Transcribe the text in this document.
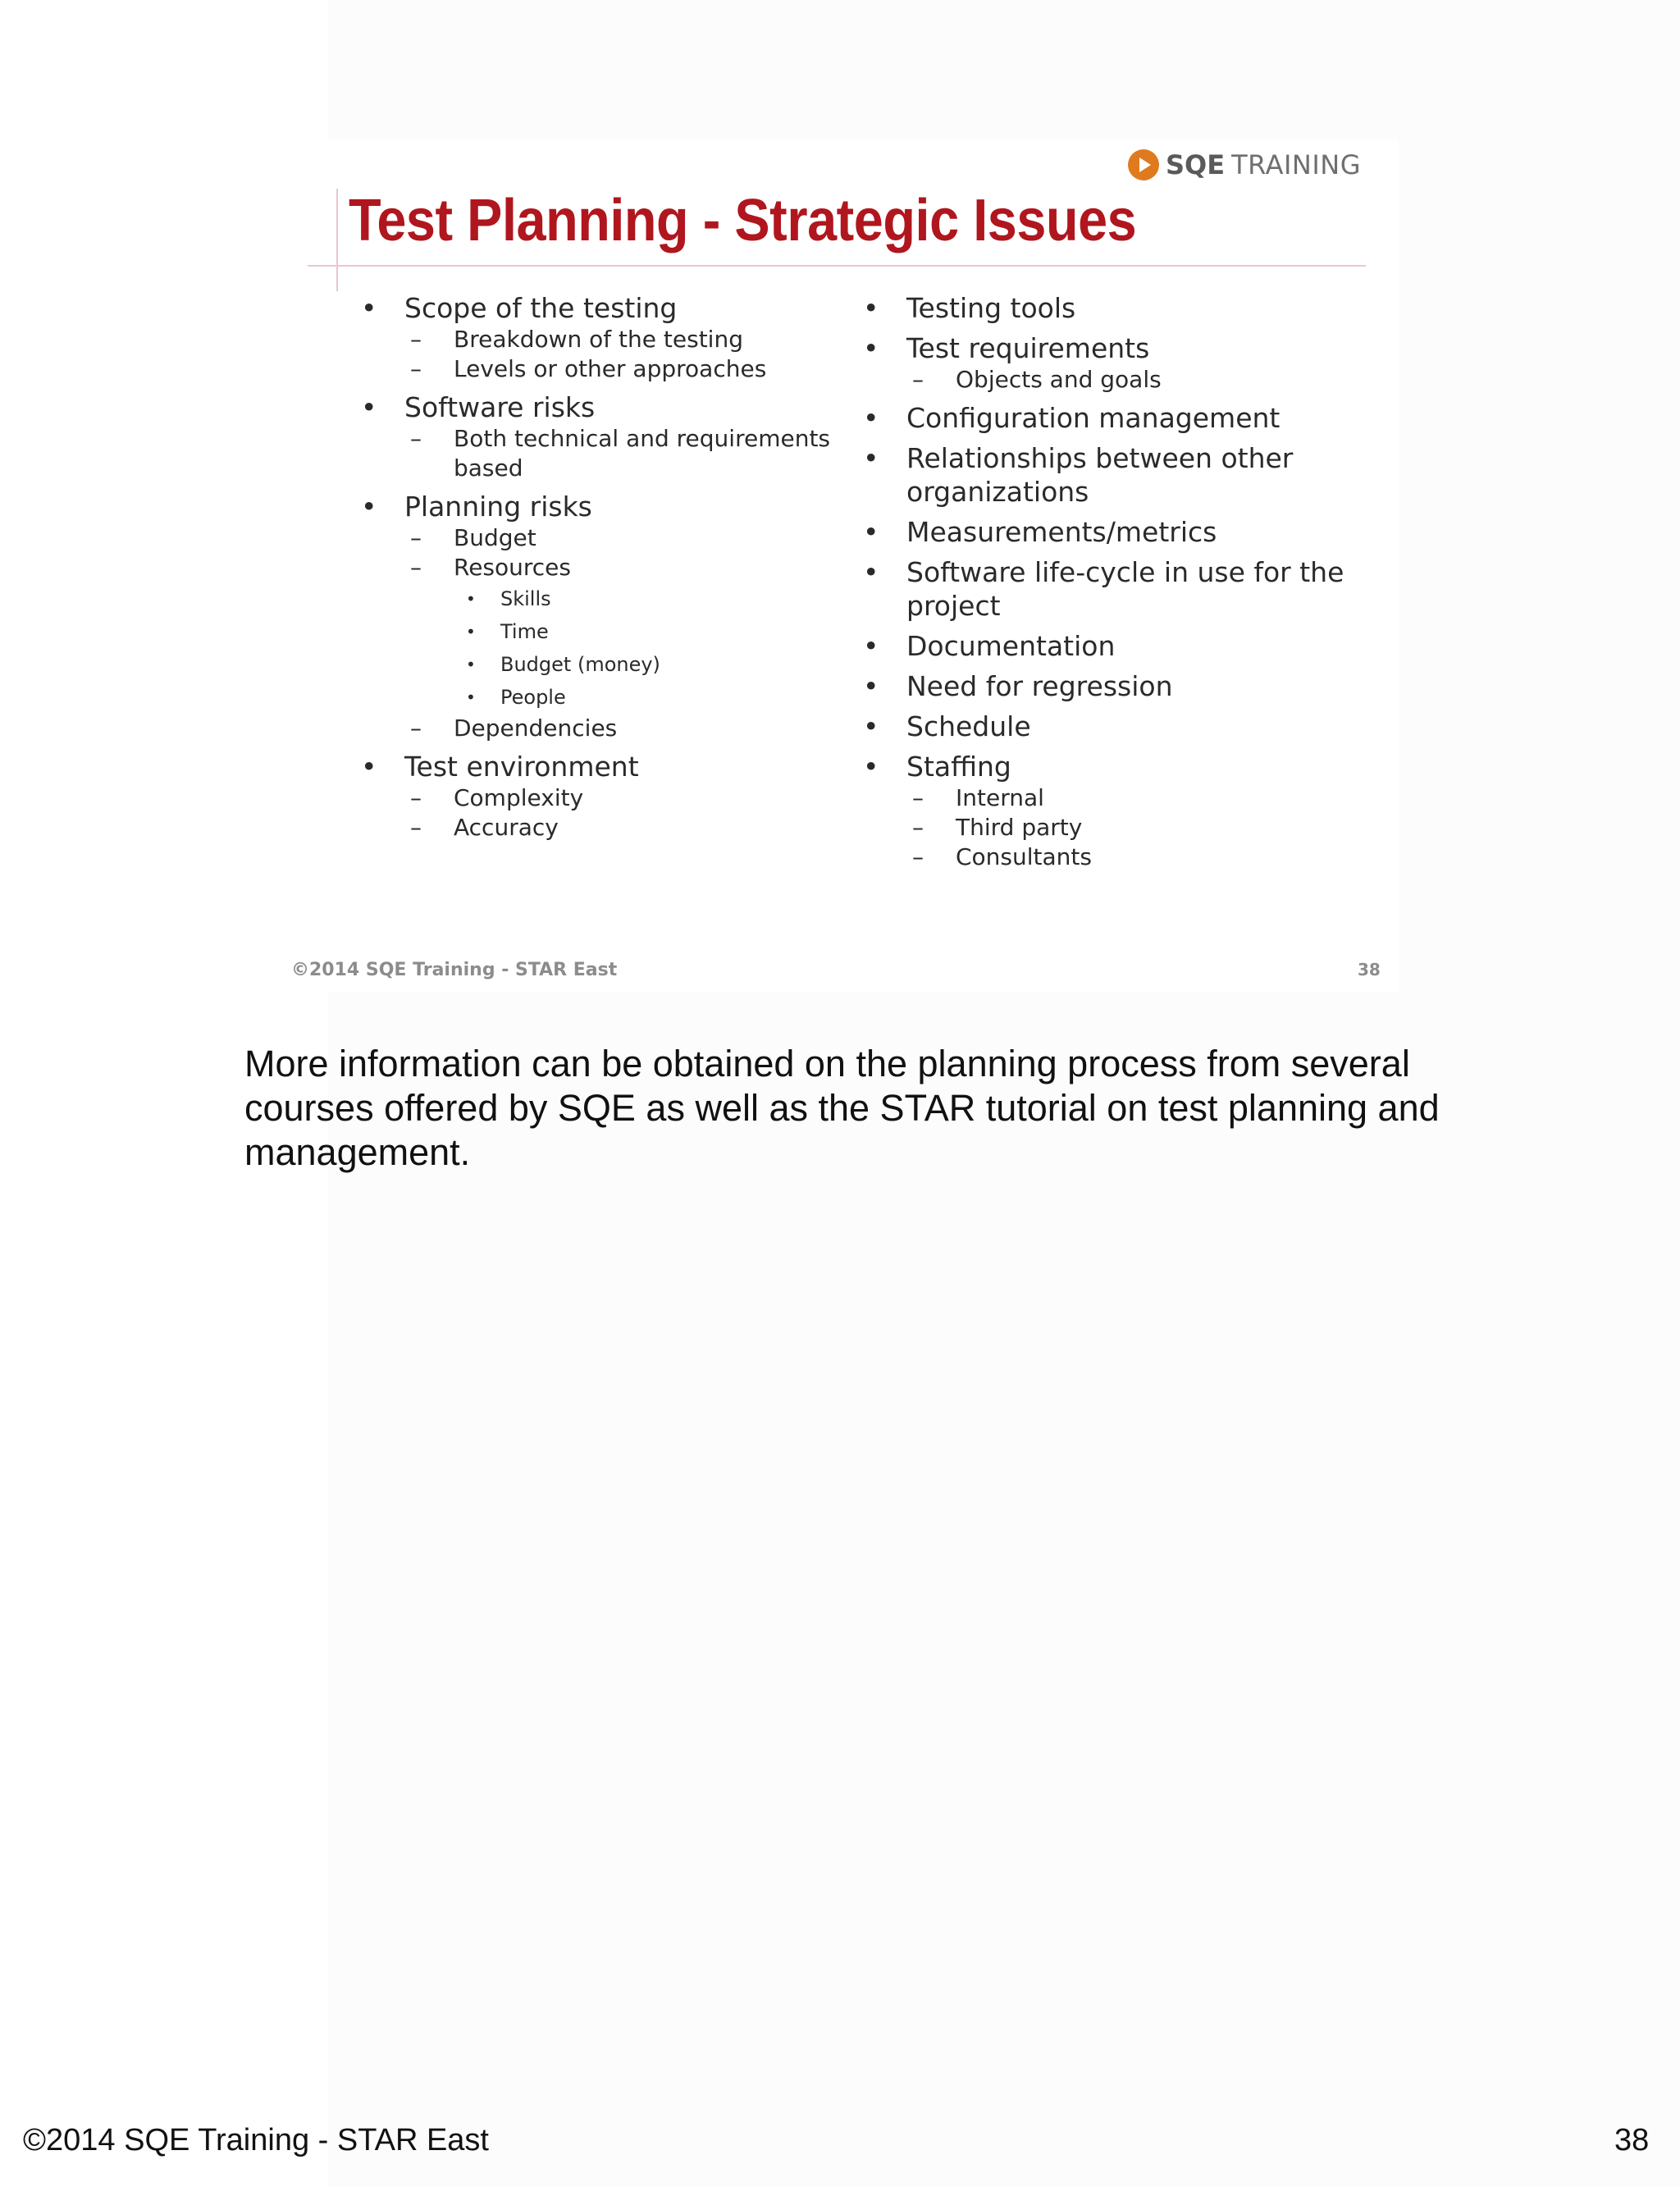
SQE TRAINING
Test Planning - Strategic Issues
• Scope of the testing
– Breakdown of the testing
– Levels or other approaches
• Software risks
– Both technical and requirements based
• Planning risks
– Budget
– Resources
• Skills
• Time
• Budget (money)
• People
– Dependencies
• Test environment
– Complexity
– Accuracy
• Testing tools
• Test requirements
– Objects and goals
• Configuration management
• Relationships between other organizations
• Measurements/metrics
• Software life-cycle in use for the project
• Documentation
• Need for regression
• Schedule
• Staffing
– Internal
– Third party
– Consultants
©2014 SQE Training - STAR East	38

More information can be obtained on the planning process from several courses offered by SQE as well as the STAR tutorial on test planning and management.

©2014 SQE Training - STAR East	38
